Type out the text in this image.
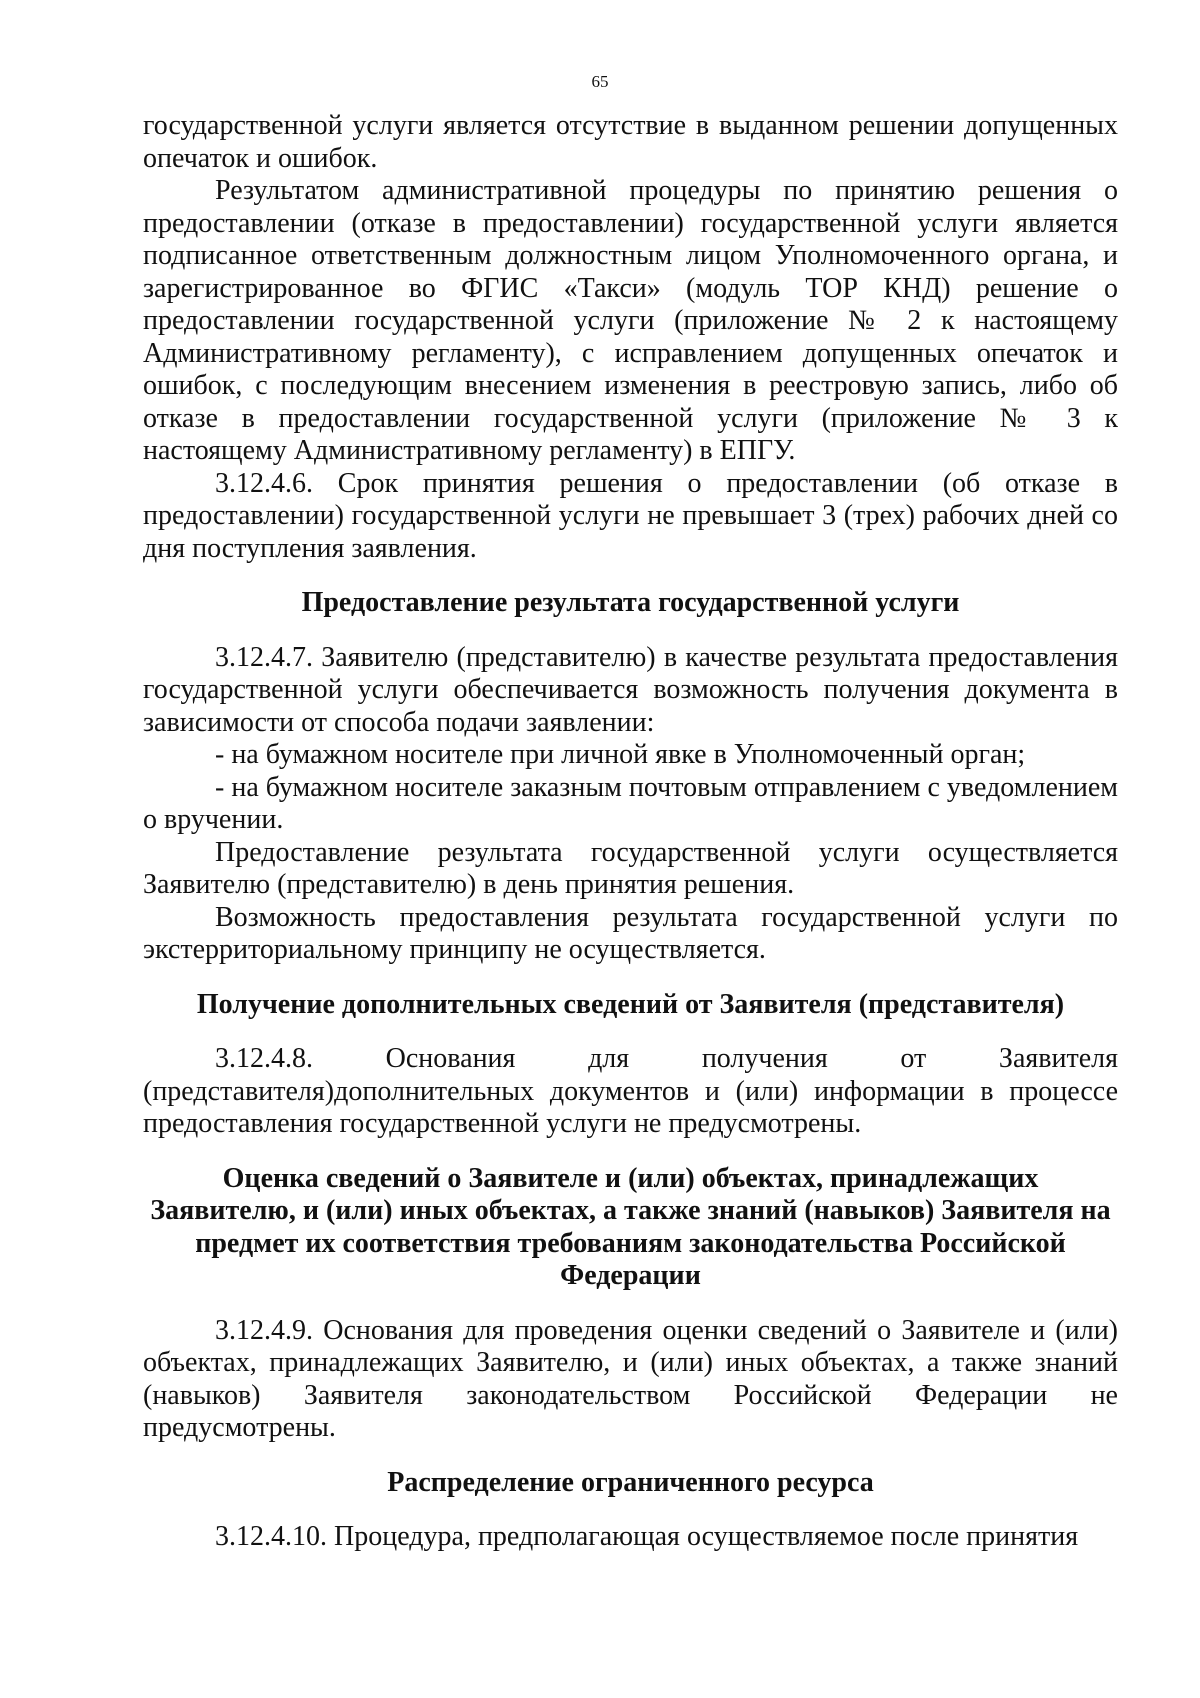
65

государственной услуги является отсутствие в выданном решении допущенных опечаток и ошибок.

Результатом административной процедуры по принятию решения о предоставлении (отказе в предоставлении) государственной услуги является подписанное ответственным должностным лицом Уполномоченного органа, и зарегистрированное во ФГИС «Такси» (модуль ТОР КНД) решение о предоставлении государственной услуги (приложение № 2 к настоящему Административному регламенту), с исправлением допущенных опечаток и ошибок, с последующим внесением изменения в реестровую запись, либо об отказе в предоставлении государственной услуги (приложение № 3 к настоящему Административному регламенту) в ЕПГУ.

3.12.4.6. Срок принятия решения о предоставлении (об отказе в предоставлении) государственной услуги не превышает 3 (трех) рабочих дней со дня поступления заявления.

Предоставление результата государственной услуги

3.12.4.7. Заявителю (представителю) в качестве результата предоставления государственной услуги обеспечивается возможность получения документа в зависимости от способа подачи заявлении:

- на бумажном носителе при личной явке в Уполномоченный орган;

- на бумажном носителе заказным почтовым отправлением с уведомлением о вручении.

Предоставление результата государственной услуги осуществляется Заявителю (представителю) в день принятия решения.

Возможность предоставления результата государственной услуги по экстерриториальному принципу не осуществляется.

Получение дополнительных сведений от Заявителя (представителя)

3.12.4.8. Основания для получения от Заявителя (представителя)дополнительных документов и (или) информации в процессе предоставления государственной услуги не предусмотрены.

Оценка сведений о Заявителе и (или) объектах, принадлежащих
Заявителю, и (или) иных объектах, а также знаний (навыков) Заявителя на
предмет их соответствия требованиям законодательства Российской
Федерации

3.12.4.9. Основания для проведения оценки сведений о Заявителе и (или) объектах, принадлежащих Заявителю, и (или) иных объектах, а также знаний (навыков) Заявителя законодательством Российской Федерации не предусмотрены.

Распределение ограниченного ресурса

3.12.4.10. Процедура, предполагающая осуществляемое после принятия
